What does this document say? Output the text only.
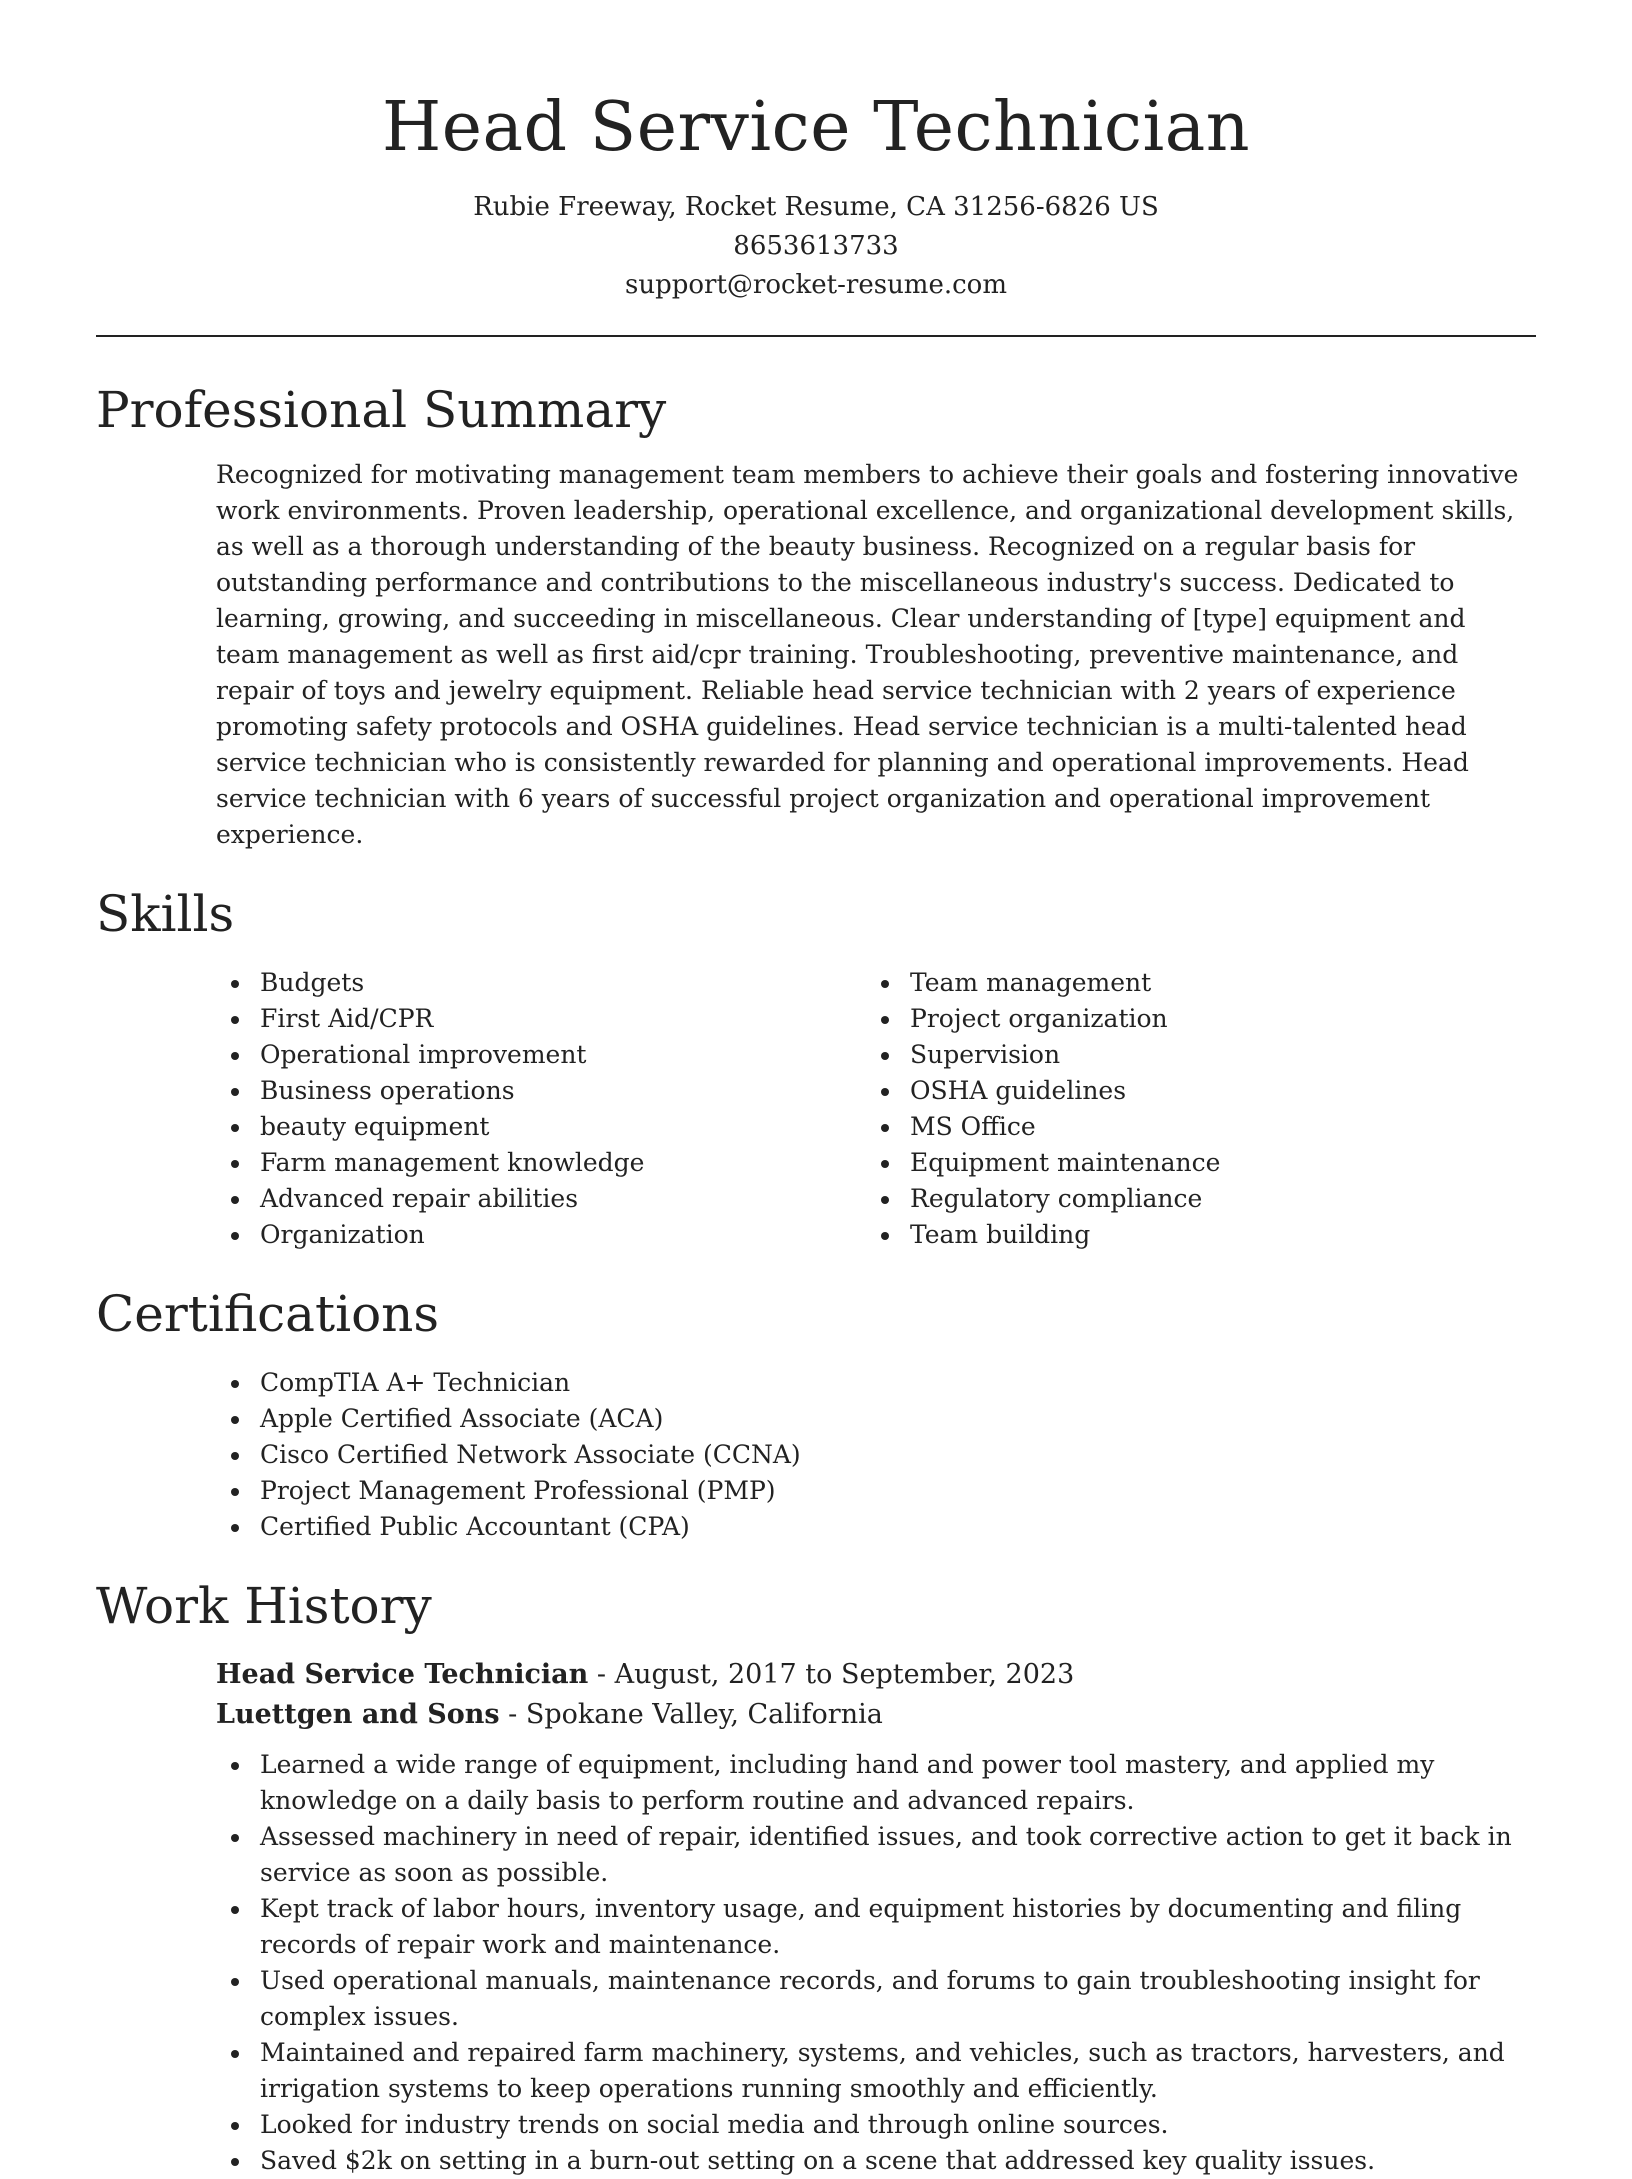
Head Service Technician
Rubie Freeway, Rocket Resume, CA 31256-6826 US
8653613733
support@rocket-resume.com
Professional Summary

Recognized for motivating management team members to achieve their goals and fostering innovative work environments. Proven leadership, operational excellence, and organizational development skills, as well as a thorough understanding of the beauty business. Recognized on a regular basis for outstanding performance and contributions to the miscellaneous industry's success. Dedicated to learning, growing, and succeeding in miscellaneous. Clear understanding of [type] equipment and team management as well as first aid/cpr training. Troubleshooting, preventive maintenance, and repair of toys and jewelry equipment. Reliable head service technician with 2 years of experience promoting safety protocols and OSHA guidelines. Head service technician is a multi-talented head service technician who is consistently rewarded for planning and operational improvements. Head service technician with 6 years of successful project organization and operational improvement experience.

Skills
Budgets
First Aid/CPR
Operational improvement
Business operations
beauty equipment
Farm management knowledge
Advanced repair abilities
Organization
Team management
Project organization
Supervision
OSHA guidelines
MS Office
Equipment maintenance
Regulatory compliance
Team building
Certifications
CompTIA A+ Technician
Apple Certified Associate (ACA)
Cisco Certified Network Associate (CCNA)
Project Management Professional (PMP)
Certified Public Accountant (CPA)
Work History
Head Service Technician - August, 2017 to September, 2023
Luettgen and Sons - Spokane Valley, California
Learned a wide range of equipment, including hand and power tool mastery, and applied my knowledge on a daily basis to perform routine and advanced repairs.
Assessed machinery in need of repair, identified issues, and took corrective action to get it back in service as soon as possible.
Kept track of labor hours, inventory usage, and equipment histories by documenting and filing records of repair work and maintenance.
Used operational manuals, maintenance records, and forums to gain troubleshooting insight for complex issues.
Maintained and repaired farm machinery, systems, and vehicles, such as tractors, harvesters, and irrigation systems to keep operations running smoothly and efficiently.
Looked for industry trends on social media and through online sources.
Saved $2k on setting in a burn-out setting on a scene that addressed key quality issues.
